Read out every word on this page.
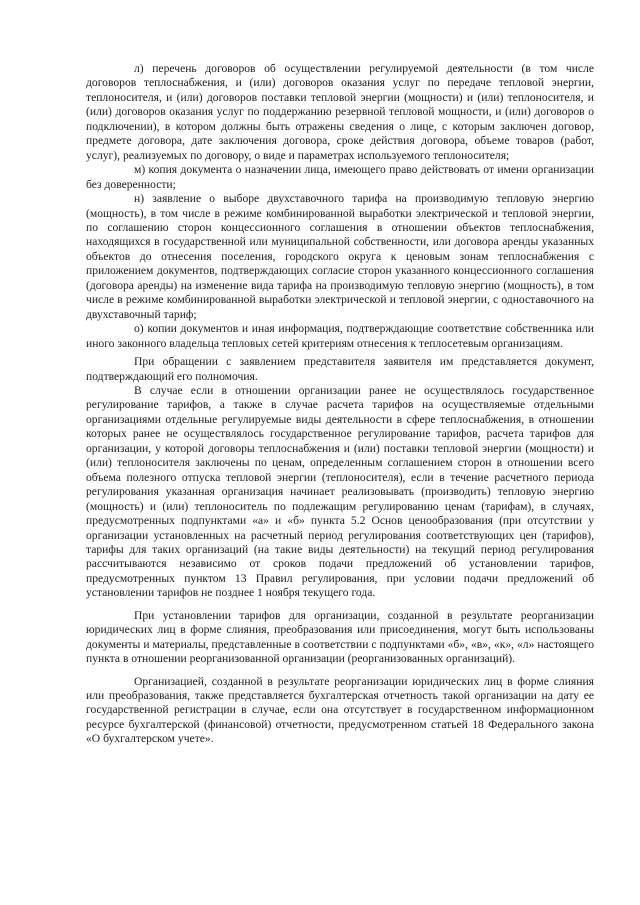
л) перечень договоров об осуществлении регулируемой деятельности (в том числе договоров теплоснабжения, и (или) договоров оказания услуг по передаче тепловой энергии, теплоносителя, и (или) договоров поставки тепловой энергии (мощности) и (или) теплоносителя, и (или) договоров оказания услуг по поддержанию резервной тепловой мощности, и (или) договоров о подключении), в котором должны быть отражены сведения о лице, с которым заключен договор, предмете договора, дате заключения договора, сроке действия договора, объеме товаров (работ, услуг), реализуемых по договору, о виде и параметрах используемого теплоносителя;

м) копия документа о назначении лица, имеющего право действовать от имени организации без доверенности;

н) заявление о выборе двухставочного тарифа на производимую тепловую энергию (мощность), в том числе в режиме комбинированной выработки электрической и тепловой энергии, по соглашению сторон концессионного соглашения в отношении объектов теплоснабжения, находящихся в государственной или муниципальной собственности, или договора аренды указанных объектов до отнесения поселения, городского округа к ценовым зонам теплоснабжения с приложением документов, подтверждающих согласие сторон указанного концессионного соглашения (договора аренды) на изменение вида тарифа на производимую тепловую энергию (мощность), в том числе в режиме комбинированной выработки электрической и тепловой энергии, с одноставочного на двухставочный тариф;

о) копии документов и иная информация, подтверждающие соответствие собственника или иного законного владельца тепловых сетей критериям отнесения к теплосетевым организациям.

При обращении с заявлением представителя заявителя им представляется документ, подтверждающий его полномочия.

В случае если в отношении организации ранее не осуществлялось государственное регулирование тарифов, а также в случае расчета тарифов на осуществляемые отдельными организациями отдельные регулируемые виды деятельности в сфере теплоснабжения, в отношении которых ранее не осуществлялось государственное регулирование тарифов, расчета тарифов для организации, у которой договоры теплоснабжения и (или) поставки тепловой энергии (мощности) и (или) теплоносителя заключены по ценам, определенным соглашением сторон в отношении всего объема полезного отпуска тепловой энергии (теплоносителя), если в течение расчетного периода регулирования указанная организация начинает реализовывать (производить) тепловую энергию (мощность) и (или) теплоноситель по подлежащим регулированию ценам (тарифам), в случаях, предусмотренных подпунктами «а» и «б» пункта 5.2 Основ ценообразования (при отсутствии у организации установленных на расчетный период регулирования соответствующих цен (тарифов), тарифы для таких организаций (на такие виды деятельности) на текущий период регулирования рассчитываются независимо от сроков подачи предложений об установлении тарифов, предусмотренных пунктом 13 Правил регулирования, при условии подачи предложений об установлении тарифов не позднее 1 ноября текущего года.

При установлении тарифов для организации, созданной в результате реорганизации юридических лиц в форме слияния, преобразования или присоединения, могут быть использованы документы и материалы, представленные в соответствии с подпунктами «б», «в», «к», «л» настоящего пункта в отношении реорганизованной организации (реорганизованных организаций).

Организацией, созданной в результате реорганизации юридических лиц в форме слияния или преобразования, также представляется бухгалтерская отчетность такой организации на дату ее государственной регистрации в случае, если она отсутствует в государственном информационном ресурсе бухгалтерской (финансовой) отчетности, предусмотренном статьей 18 Федерального закона «О бухгалтерском учете».
